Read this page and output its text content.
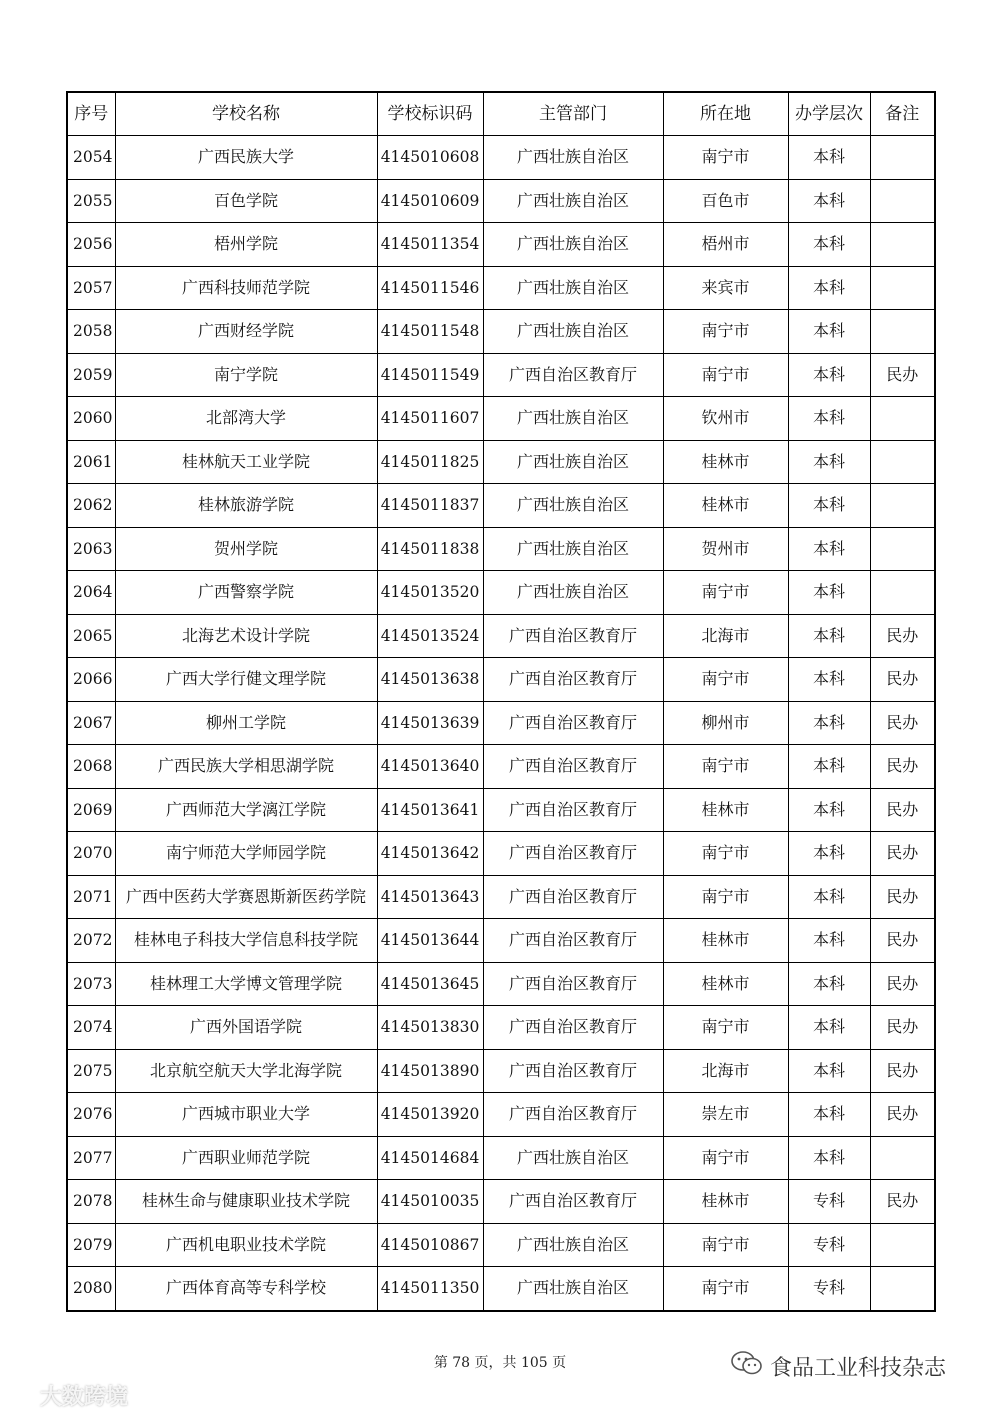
序号	学校名称	学校标识码	主管部门	所在地	办学层次	备注
2054	广西民族大学	4145010608	广西壮族自治区	南宁市	本科	
2055	百色学院	4145010609	广西壮族自治区	百色市	本科	
2056	梧州学院	4145011354	广西壮族自治区	梧州市	本科	
2057	广西科技师范学院	4145011546	广西壮族自治区	来宾市	本科	
2058	广西财经学院	4145011548	广西壮族自治区	南宁市	本科	
2059	南宁学院	4145011549	广西自治区教育厅	南宁市	本科	民办
2060	北部湾大学	4145011607	广西壮族自治区	钦州市	本科	
2061	桂林航天工业学院	4145011825	广西壮族自治区	桂林市	本科	
2062	桂林旅游学院	4145011837	广西壮族自治区	桂林市	本科	
2063	贺州学院	4145011838	广西壮族自治区	贺州市	本科	
2064	广西警察学院	4145013520	广西壮族自治区	南宁市	本科	
2065	北海艺术设计学院	4145013524	广西自治区教育厅	北海市	本科	民办
2066	广西大学行健文理学院	4145013638	广西自治区教育厅	南宁市	本科	民办
2067	柳州工学院	4145013639	广西自治区教育厅	柳州市	本科	民办
2068	广西民族大学相思湖学院	4145013640	广西自治区教育厅	南宁市	本科	民办
2069	广西师范大学漓江学院	4145013641	广西自治区教育厅	桂林市	本科	民办
2070	南宁师范大学师园学院	4145013642	广西自治区教育厅	南宁市	本科	民办
2071	广西中医药大学赛恩斯新医药学院	4145013643	广西自治区教育厅	南宁市	本科	民办
2072	桂林电子科技大学信息科技学院	4145013644	广西自治区教育厅	桂林市	本科	民办
2073	桂林理工大学博文管理学院	4145013645	广西自治区教育厅	桂林市	本科	民办
2074	广西外国语学院	4145013830	广西自治区教育厅	南宁市	本科	民办
2075	北京航空航天大学北海学院	4145013890	广西自治区教育厅	北海市	本科	民办
2076	广西城市职业大学	4145013920	广西自治区教育厅	崇左市	本科	民办
2077	广西职业师范学院	4145014684	广西壮族自治区	南宁市	本科	
2078	桂林生命与健康职业技术学院	4145010035	广西自治区教育厅	桂林市	专科	民办
2079	广西机电职业技术学院	4145010867	广西壮族自治区	南宁市	专科	
2080	广西体育高等专科学校	4145011350	广西壮族自治区	南宁市	专科	
第 78 页，共 105 页	食品工业科技杂志
大数跨境
